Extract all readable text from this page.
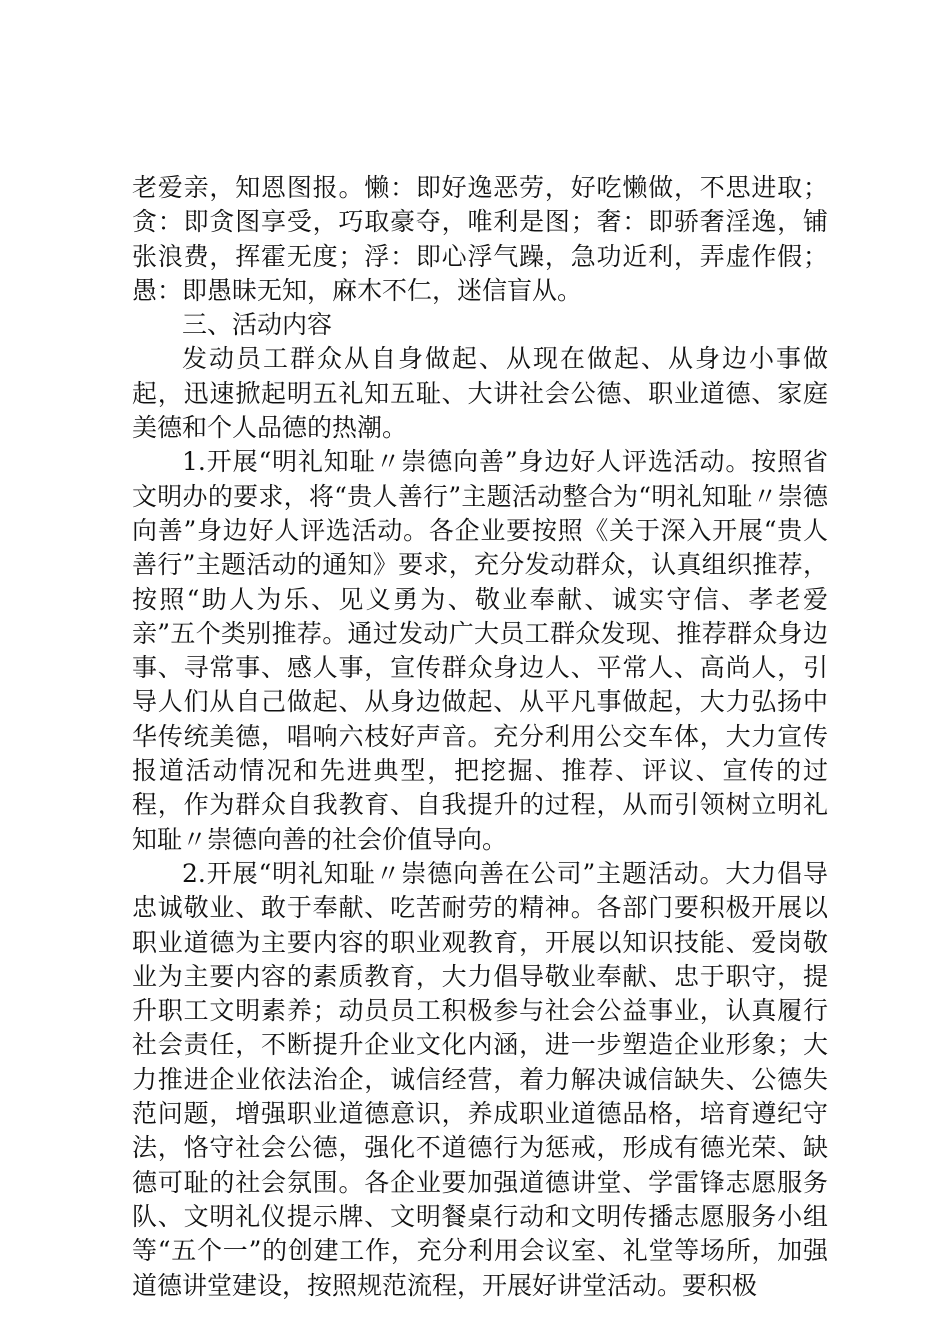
老爱亲，知恩图报。懒：即好逸恶劳，好吃懒做，不思进取；贪：即贪图享受，巧取豪夺，唯利是图；奢：即骄奢淫逸，铺张浪费，挥霍无度；浮：即心浮气躁，急功近利，弄虚作假；愚：即愚昧无知，麻木不仁，迷信盲从。

三、活动内容

发动员工群众从自身做起、从现在做起、从身边小事做起，迅速掀起明五礼知五耻、大讲社会公德、职业道德、家庭美德和个人品德的热潮。

1.开展“明礼知耻〃崇德向善”身边好人评选活动。按照省文明办的要求，将“贵人善行”主题活动整合为“明礼知耻〃崇德向善”身边好人评选活动。各企业要按照《关于深入开展“贵人善行”主题活动的通知》要求，充分发动群众，认真组织推荐，按照“助人为乐、见义勇为、敬业奉献、诚实守信、孝老爱亲”五个类别推荐。通过发动广大员工群众发现、推荐群众身边事、寻常事、感人事，宣传群众身边人、平常人、高尚人，引导人们从自己做起、从身边做起、从平凡事做起，大力弘扬中华传统美德，唱响六枝好声音。充分利用公交车体，大力宣传报道活动情况和先进典型，把挖掘、推荐、评议、宣传的过程，作为群众自我教育、自我提升的过程，从而引领树立明礼知耻〃崇德向善的社会价值导向。

2.开展“明礼知耻〃崇德向善在公司”主题活动。大力倡导忠诚敬业、敢于奉献、吃苦耐劳的精神。各部门要积极开展以职业道德为主要内容的职业观教育，开展以知识技能、爱岗敬业为主要内容的素质教育，大力倡导敬业奉献、忠于职守，提升职工文明素养；动员员工积极参与社会公益事业，认真履行社会责任，不断提升企业文化内涵，进一步塑造企业形象；大力推进企业依法治企，诚信经营，着力解决诚信缺失、公德失范问题，增强职业道德意识，养成职业道德品格，培育遵纪守法，恪守社会公德，强化不道德行为惩戒，形成有德光荣、缺德可耻的社会氛围。各企业要加强道德讲堂、学雷锋志愿服务队、文明礼仪提示牌、文明餐桌行动和文明传播志愿服务小组等“五个一”的创建工作，充分利用会议室、礼堂等场所，加强道德讲堂建设，按照规范流程，开展好讲堂活动。要积极
